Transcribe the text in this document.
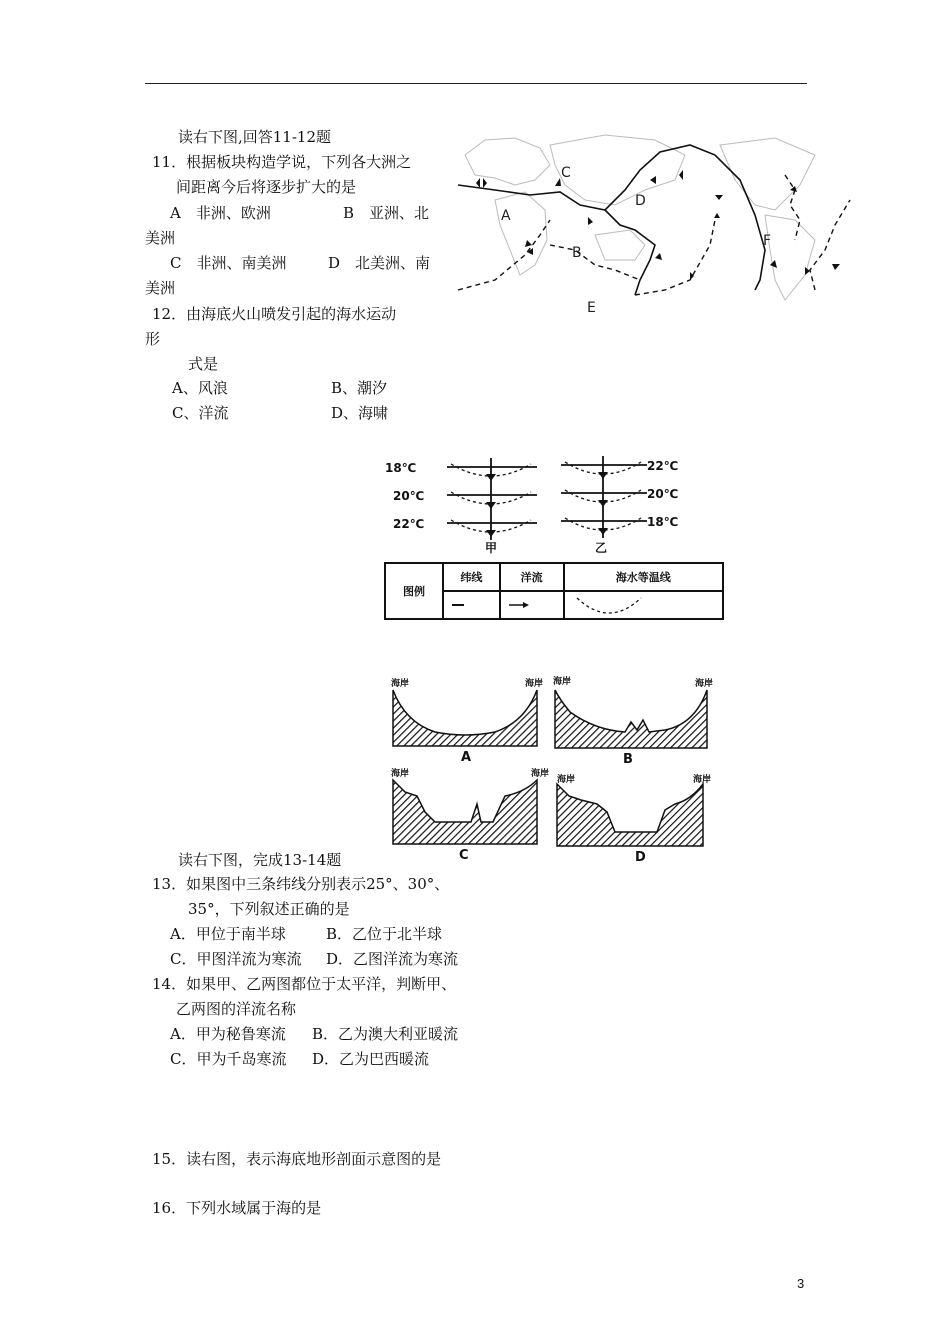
读右下图,回答11-12题
11．根据板块构造学说，下列各大洲之
间距离今后将逐步扩大的是
A　非洲、欧洲	B　亚洲、北
美洲
C　非洲、南美洲	D　北美洲、南
美洲
12．由海底火山喷发引起的海水运动
形
式是
A、风浪	B、潮汐
C、洋流	D、海啸
A
B
C
D
E
F
18℃
20℃
22℃
22℃
20℃
18℃
甲	乙
图例	纬线	洋流	海水等温线

海岸	海岸 海岸	海岸
海岸	海岸
海岸	海岸
A	B
C	D
读右下图，完成13-14题
13．如果图中三条纬线分别表示25°、30°、
35°，下列叙述正确的是
A．甲位于南半球	B．乙位于北半球
C．甲图洋流为寒流 D．乙图洋流为寒流
14．如果甲、乙两图都位于太平洋，判断甲、
乙两图的洋流名称
A．甲为秘鲁寒流 B．乙为澳大利亚暖流
C．甲为千岛寒流 D．乙为巴西暖流
15．读右图，表示海底地形剖面示意图的是
16．下列水域属于海的是
3
